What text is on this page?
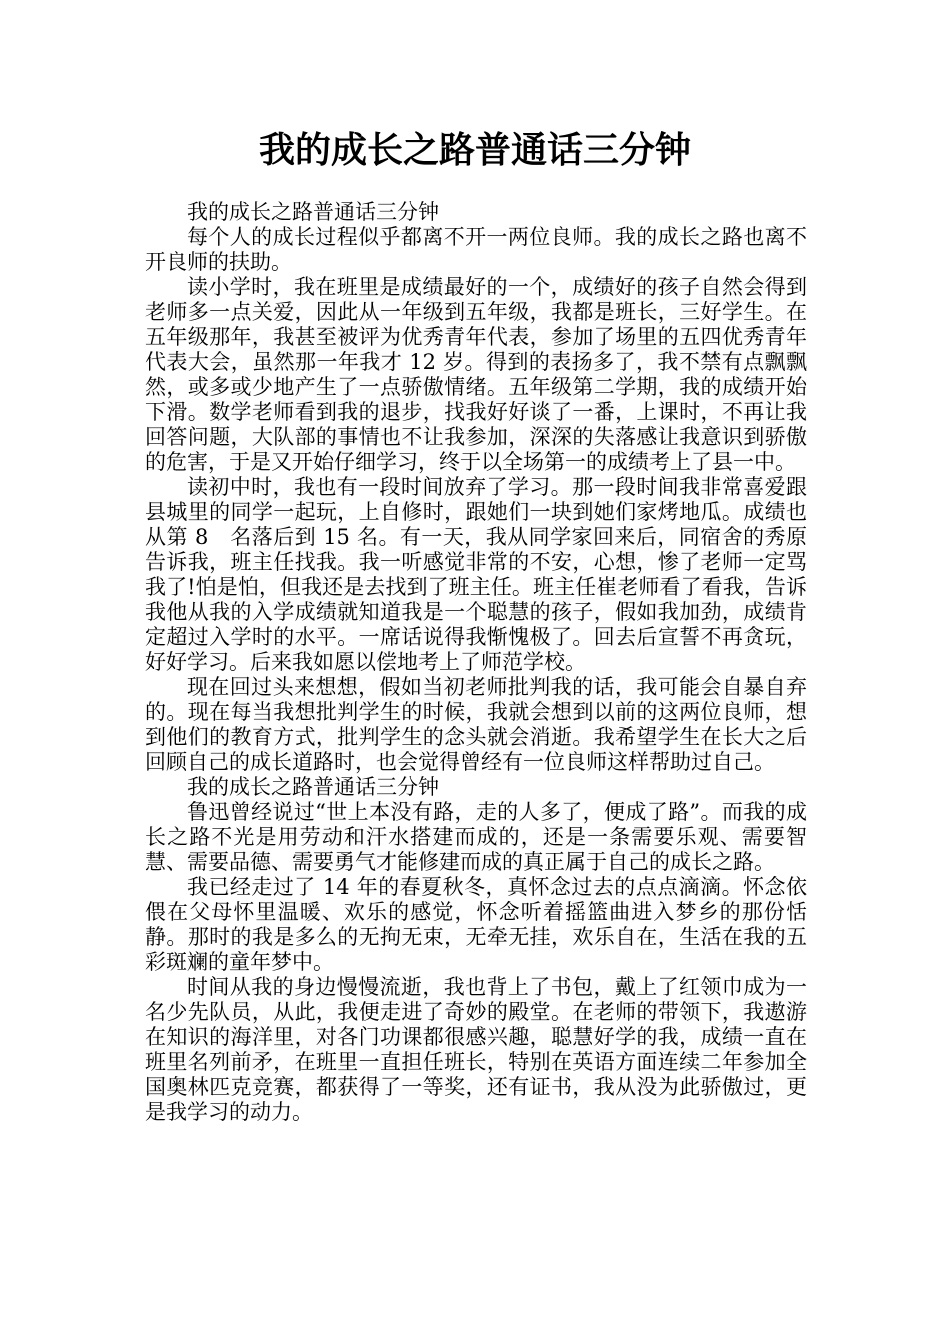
我的成长之路普通话三分钟

我的成长之路普通话三分钟

每个人的成长过程似乎都离不开一两位良师。我的成长之路也离不开良师的扶助。

读小学时，我在班里是成绩最好的一个，成绩好的孩子自然会得到老师多一点关爱，因此从一年级到五年级，我都是班长，三好学生。在五年级那年，我甚至被评为优秀青年代表，参加了场里的五四优秀青年代表大会，虽然那一年我才 12 岁。得到的表扬多了，我不禁有点飘飘然，或多或少地产生了一点骄傲情绪。五年级第二学期，我的成绩开始下滑。数学老师看到我的退步，找我好好谈了一番，上课时，不再让我回答问题，大队部的事情也不让我参加，深深的失落感让我意识到骄傲的危害，于是又开始仔细学习，终于以全场第一的成绩考上了县一中。

读初中时，我也有一段时间放弃了学习。那一段时间我非常喜爱跟县城里的同学一起玩，上自修时，跟她们一块到她们家烤地瓜。成绩也从第 8　名落后到 15 名。有一天，我从同学家回来后，同宿舍的秀原告诉我，班主任找我。我一听感觉非常的不安，心想，惨了老师一定骂我了!怕是怕，但我还是去找到了班主任。班主任崔老师看了看我，告诉我他从我的入学成绩就知道我是一个聪慧的孩子，假如我加劲，成绩肯定超过入学时的水平。一席话说得我惭愧极了。回去后宣誓不再贪玩，好好学习。后来我如愿以偿地考上了师范学校。

现在回过头来想想，假如当初老师批判我的话，我可能会自暴自弃的。现在每当我想批判学生的时候，我就会想到以前的这两位良师，想到他们的教育方式，批判学生的念头就会消逝。我希望学生在长大之后回顾自己的成长道路时，也会觉得曾经有一位良师这样帮助过自己。

我的成长之路普通话三分钟

鲁迅曾经说过“世上本没有路，走的人多了，便成了路”。而我的成长之路不光是用劳动和汗水搭建而成的，还是一条需要乐观、需要智慧、需要品德、需要勇气才能修建而成的真正属于自己的成长之路。

我已经走过了 14 年的春夏秋冬，真怀念过去的点点滴滴。怀念依偎在父母怀里温暖、欢乐的感觉，怀念听着摇篮曲进入梦乡的那份恬静。那时的我是多么的无拘无束，无牵无挂，欢乐自在，生活在我的五彩斑斓的童年梦中。

时间从我的身边慢慢流逝，我也背上了书包，戴上了红领巾成为一名少先队员，从此，我便走进了奇妙的殿堂。在老师的带领下，我遨游在知识的海洋里，对各门功课都很感兴趣，聪慧好学的我，成绩一直在班里名列前矛，在班里一直担任班长，特别在英语方面连续二年参加全国奥林匹克竞赛，都获得了一等奖，还有证书，我从没为此骄傲过，更是我学习的动力。
